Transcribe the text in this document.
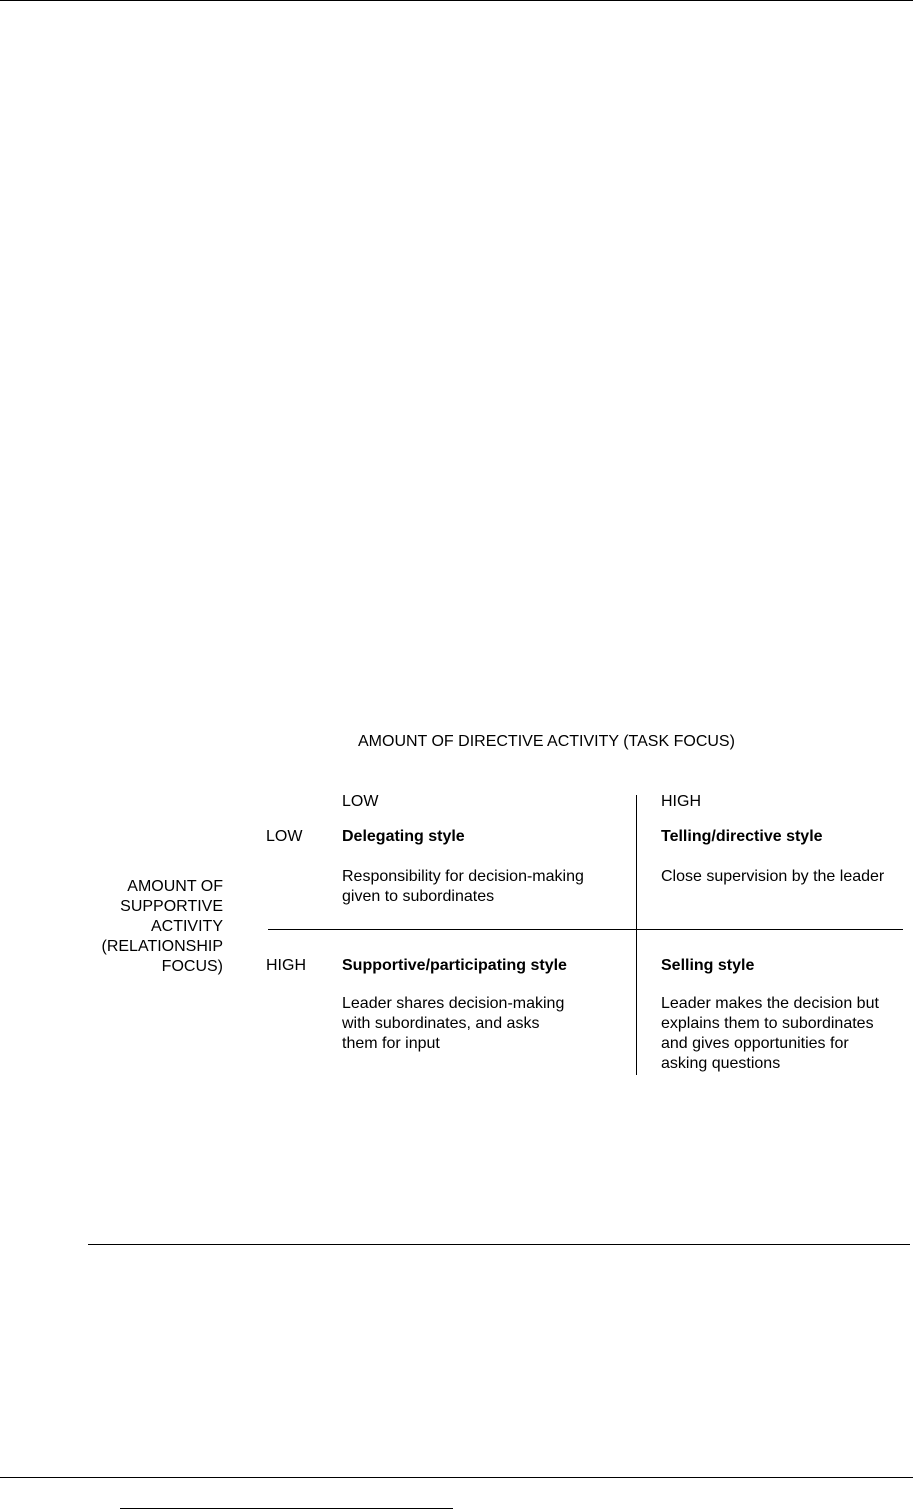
AMOUNT OF DIRECTIVE ACTIVITY (TASK FOCUS)
AMOUNT OF
SUPPORTIVE
ACTIVITY
(RELATIONSHIP
FOCUS)
LOW	HIGH
LOW
HIGH
Delegating style
Responsibility for decision-making
given to subordinates
Telling/directive style
Close supervision by the leader
Supportive/participating style
Leader shares decision-making
with subordinates, and asks
them for input
Selling style
Leader makes the decision but
explains them to subordinates
and gives opportunities for
asking questions
